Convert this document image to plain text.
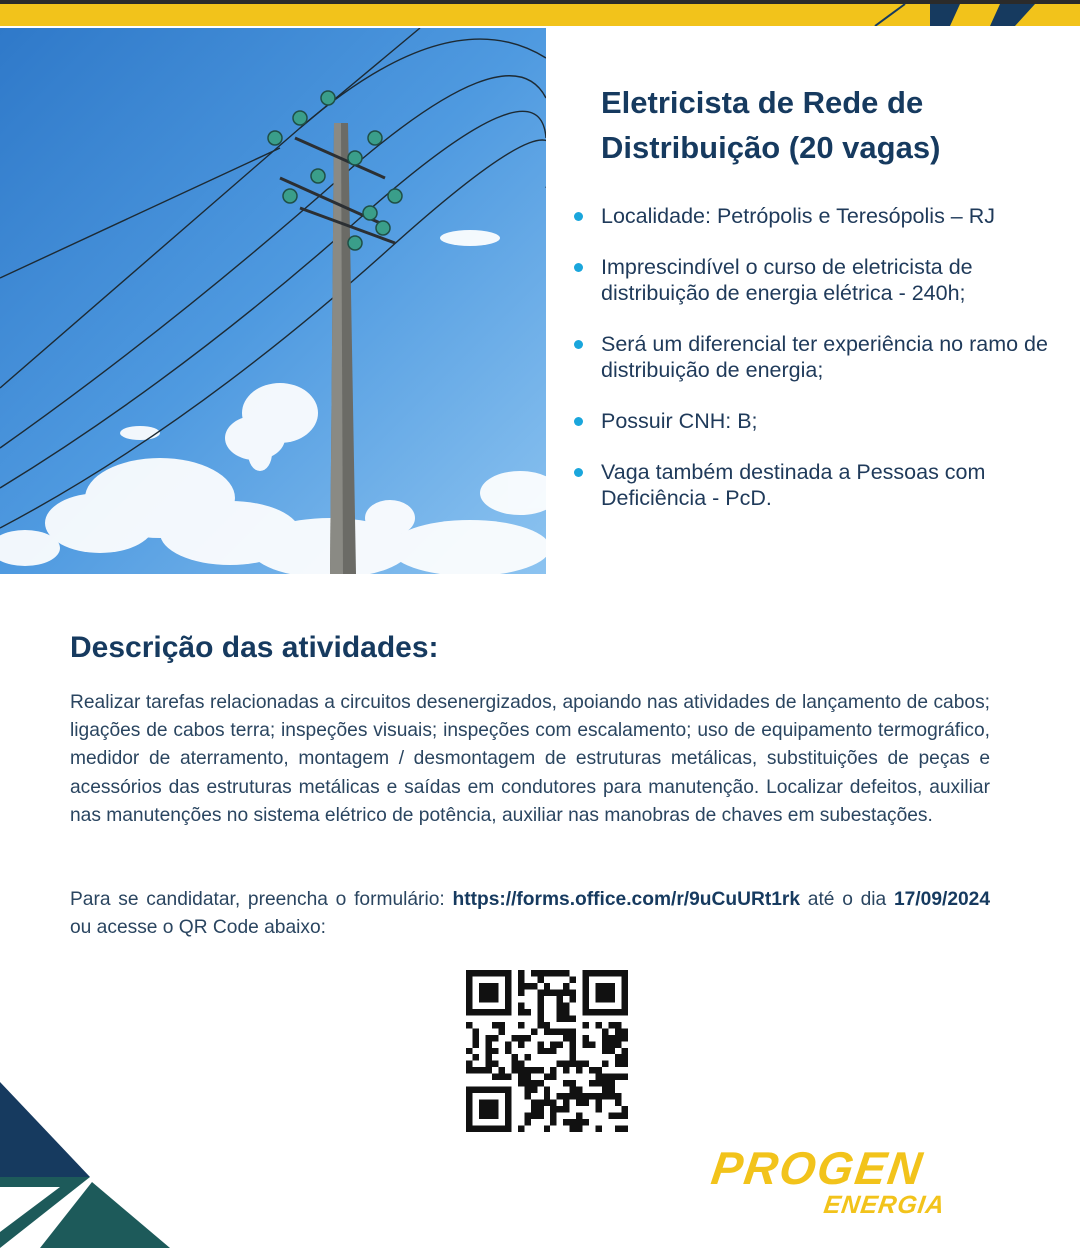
Eletricista de Rede de Distribuição (20 vagas)
Localidade: Petrópolis e Teresópolis – RJ
Imprescindível o curso de eletricista de distribuição de energia elétrica - 240h;
Será um diferencial ter experiência no ramo de distribuição de energia;
Possuir CNH: B;
Vaga também destinada a Pessoas com Deficiência - PcD.
Descrição das atividades:

Realizar tarefas relacionadas a circuitos desenergizados, apoiando nas atividades de lançamento de cabos; ligações de cabos terra; inspeções visuais; inspeções com escalamento; uso de equipamento termográfico, medidor de aterramento, montagem / desmontagem de estruturas metálicas, substituições de peças e acessórios das estruturas metálicas e saídas em condutores para manutenção. Localizar defeitos, auxiliar nas manutenções no sistema elétrico de potência, auxiliar nas manobras de chaves em subestações.

Para se candidatar, preencha o formulário: https://forms.office.com/r/9uCuURt1rk até o dia 17/09/2024 ou acesse o QR Code abaixo:

PROGEN
ENERGIA
